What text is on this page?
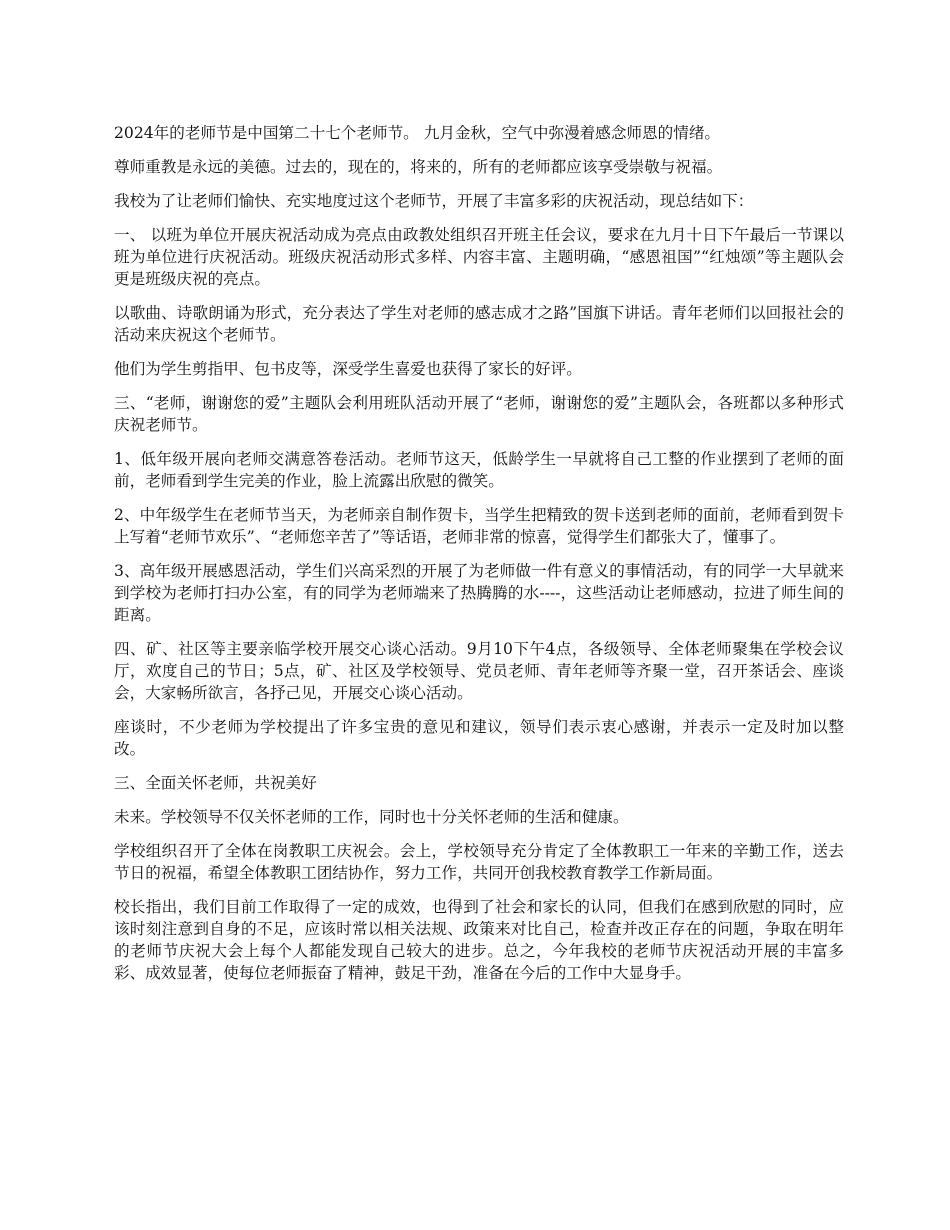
2024年的老师节是中国第二十七个老师节。 九月金秋，空气中弥漫着感念师恩的情绪。

尊师重教是永远的美德。过去的，现在的，将来的，所有的老师都应该享受崇敬与祝福。

我校为了让老师们愉快、充实地度过这个老师节，开展了丰富多彩的庆祝活动，现总结如下：

一、 以班为单位开展庆祝活动成为亮点由政教处组织召开班主任会议，要求在九月十日下午最后一节课以班为单位进行庆祝活动。班级庆祝活动形式多样、内容丰富、主题明确，“感恩祖国”“红烛颂”等主题队会更是班级庆祝的亮点。

以歌曲、诗歌朗诵为形式，充分表达了学生对老师的感志成才之路”国旗下讲话。青年老师们以回报社会的活动来庆祝这个老师节。

他们为学生剪指甲、包书皮等，深受学生喜爱也获得了家长的好评。

三、“老师，谢谢您的爱”主题队会利用班队活动开展了“老师，谢谢您的爱”主题队会，各班都以多种形式庆祝老师节。

1、低年级开展向老师交满意答卷活动。老师节这天，低龄学生一早就将自己工整的作业摆到了老师的面前，老师看到学生完美的作业，脸上流露出欣慰的微笑。

2、中年级学生在老师节当天，为老师亲自制作贺卡，当学生把精致的贺卡送到老师的面前，老师看到贺卡上写着“老师节欢乐”、“老师您辛苦了”等话语，老师非常的惊喜，觉得学生们都张大了，懂事了。

3、高年级开展感恩活动，学生们兴高采烈的开展了为老师做一件有意义的事情活动，有的同学一大早就来到学校为老师打扫办公室，有的同学为老师端来了热腾腾的水----，这些活动让老师感动，拉进了师生间的距离。

四、矿、社区等主要亲临学校开展交心谈心活动。9月10下午4点，各级领导、全体老师聚集在学校会议厅，欢度自己的节日；5点，矿、社区及学校领导、党员老师、青年老师等齐聚一堂，召开茶话会、座谈会，大家畅所欲言，各抒己见，开展交心谈心活动。

座谈时，不少老师为学校提出了许多宝贵的意见和建议，领导们表示衷心感谢，并表示一定及时加以整改。

三、全面关怀老师，共祝美好

未来。学校领导不仅关怀老师的工作，同时也十分关怀老师的生活和健康。

学校组织召开了全体在岗教职工庆祝会。会上，学校领导充分肯定了全体教职工一年来的辛勤工作，送去节日的祝福，希望全体教职工团结协作，努力工作，共同开创我校教育教学工作新局面。

校长指出，我们目前工作取得了一定的成效，也得到了社会和家长的认同，但我们在感到欣慰的同时，应该时刻注意到自身的不足，应该时常以相关法规、政策来对比自己，检查并改正存在的问题，争取在明年的老师节庆祝大会上每个人都能发现自己较大的进步。总之，今年我校的老师节庆祝活动开展的丰富多彩、成效显著，使每位老师振奋了精神，鼓足干劲，准备在今后的工作中大显身手。
